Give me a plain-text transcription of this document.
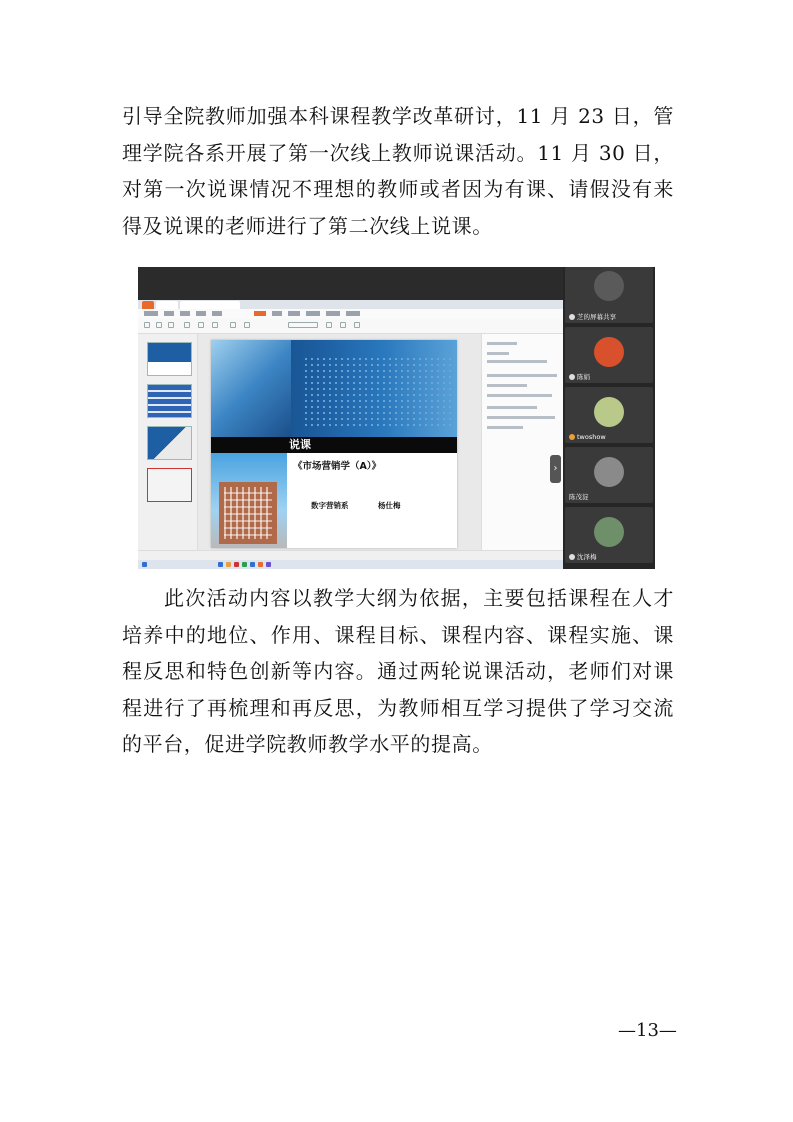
引导全院教师加强本科课程教学改革研讨，11 月 23 日，管理学院各系开展了第一次线上教师说课活动。11 月 30 日，对第一次说课情况不理想的教师或者因为有课、请假没有来得及说课的老师进行了第二次线上说课。

说课
《市场营销学（A）》
数字营销系	杨仕梅
›
芝的屏幕共享
陈娟
twoshow
陈茂淀
沈泽梅

此次活动内容以教学大纲为依据，主要包括课程在人才培养中的地位、作用、课程目标、课程内容、课程实施、课程反思和特色创新等内容。通过两轮说课活动，老师们对课程进行了再梳理和再反思，为教师相互学习提供了学习交流的平台，促进学院教师教学水平的提高。

—13—
